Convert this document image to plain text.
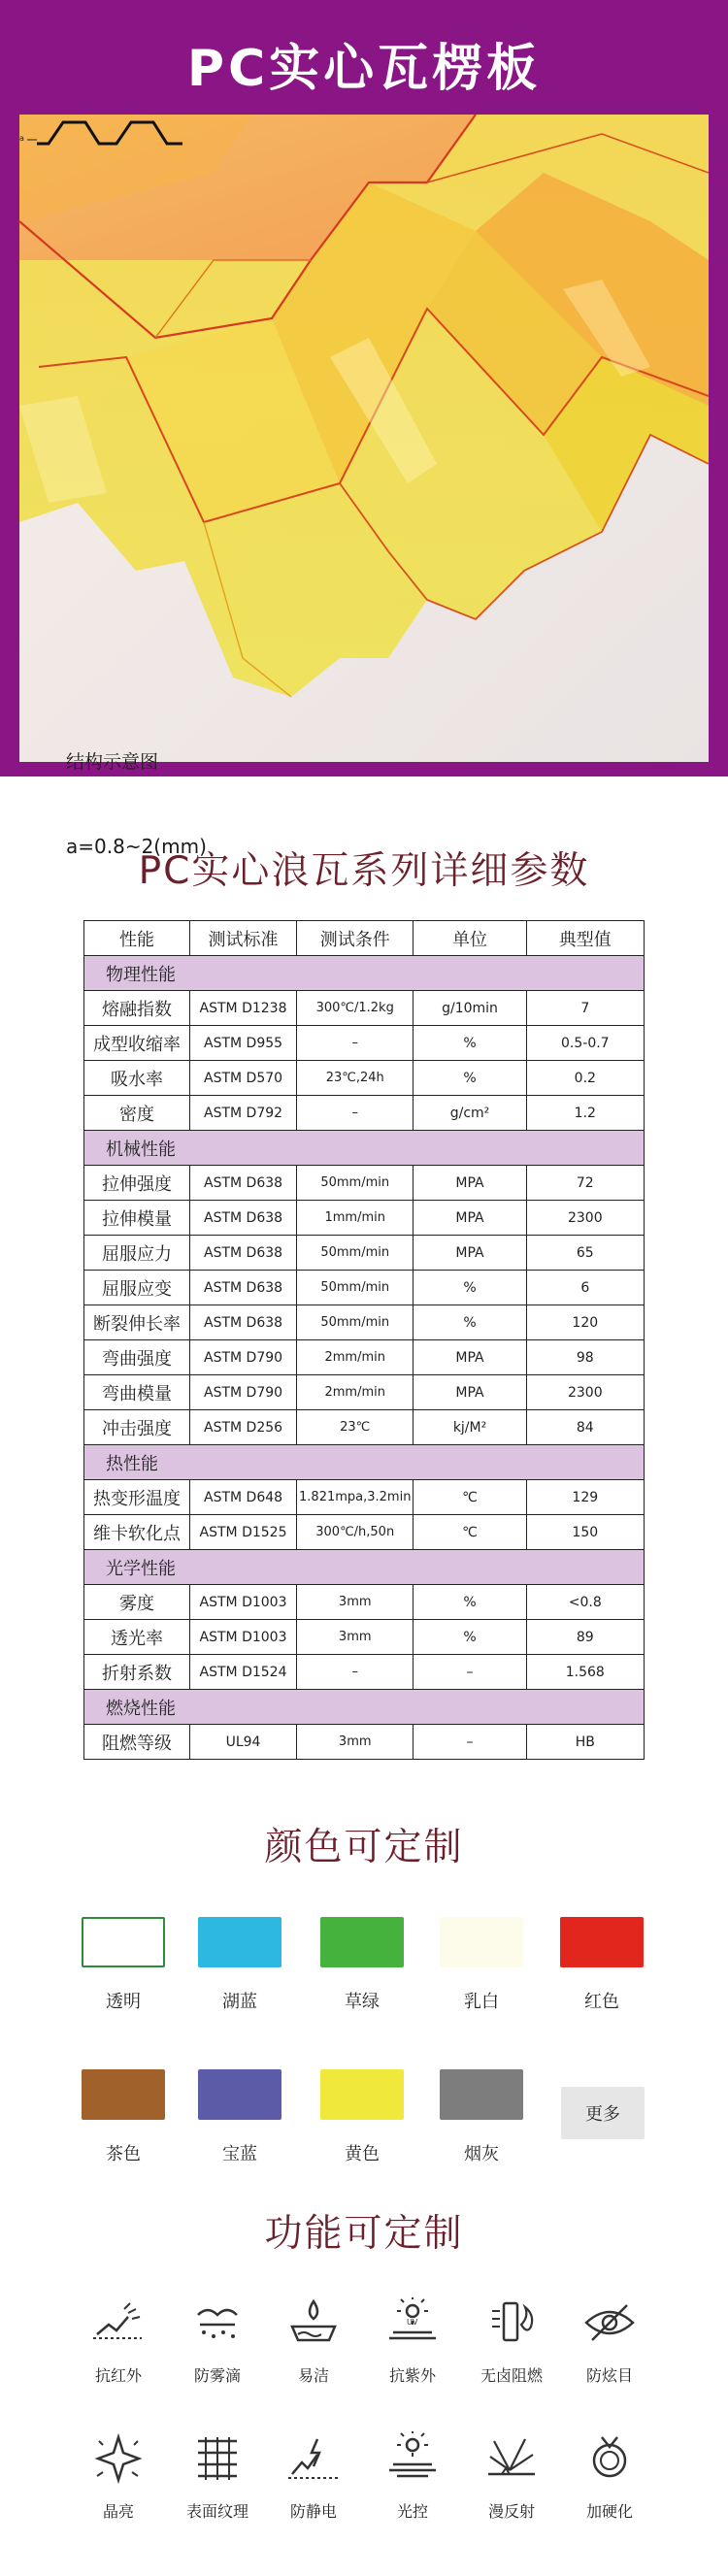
PC实心瓦楞板
结构示意图
a
a=0.8~2(mm)
PC实心浪瓦系列详细参数
性能	测试标准	测试条件	单位	典型值
物理性能				
熔融指数	ASTM D1238	300℃/1.2kg	g/10min	7
成型收缩率	ASTM D955	–	%	0.5-0.7
吸水率	ASTM D570	23℃,24h	%	0.2
密度	ASTM D792	–	g/cm²	1.2
机械性能				
拉伸强度	ASTM D638	50mm/min	MPA	72
拉伸模量	ASTM D638	1mm/min	MPA	2300
屈服应力	ASTM D638	50mm/min	MPA	65
屈服应变	ASTM D638	50mm/min	%	6
断裂伸长率	ASTM D638	50mm/min	%	120
弯曲强度	ASTM D790	2mm/min	MPA	98
弯曲模量	ASTM D790	2mm/min	MPA	2300
冲击强度	ASTM D256	23℃	kj/M²	84
热性能				
热变形温度	ASTM D648	1.821mpa,3.2min	℃	129
维卡软化点	ASTM D1525	300℃/h,50n	℃	150
光学性能				
雾度	ASTM D1003	3mm	%	<0.8
透光率	ASTM D1003	3mm	%	89
折射系数	ASTM D1524	–	–	1.568
燃烧性能				
阻燃等级	UL94	3mm	–	HB
颜色可定制
透明	湖蓝	草绿	乳白	红色
茶色	宝蓝	黄色	烟灰
更多
功能可定制
抗红外	防雾滴	易洁
UV
抗紫外	无卤阻燃	防炫目
晶亮	表面纹理	防静电	光控	漫反射	加硬化
